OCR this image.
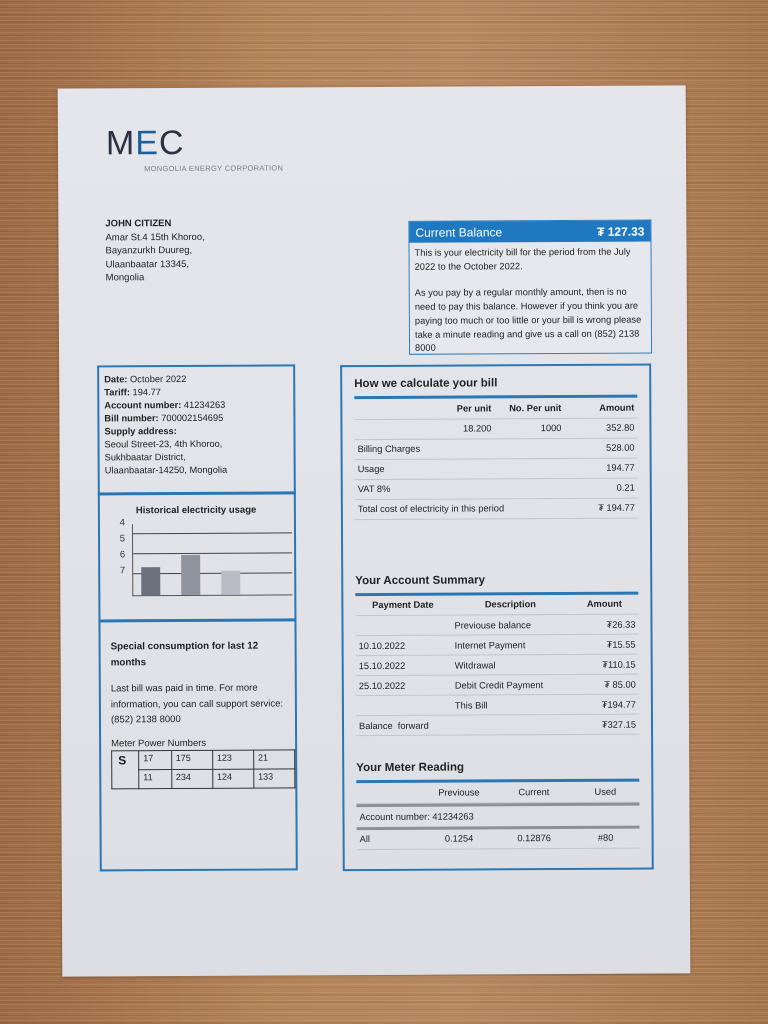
MEC
MONGOLIA ENERGY CORPORATION
JOHN CITIZEN
Amar St.4 15th Khoroo,
Bayanzurkh Duureg,
Ulaanbaatar 13345,
Mongolia
Current Balance	₮ 127.33

This is your electricity bill for the period from the July 2022 to the October 2022.

As you pay by a regular monthly amount, then is no need to pay this balance. However if you think you are paying too much or too little or your bill is wrong please take a minute reading and give us a call on (852) 2138 8000

Date: October 2022
Tariff: 194.77
Account number: 41234263
Bill number: 700002154695
Supply address:
Seoul Street-23, 4th Khoroo,
Sukhbaatar District,
Ulaanbaatar-14250, Mongolia
Historical electricity usage
4
5
6
7
Special consumption for last 12 months
Last bill was paid in time. For more information, you can call support service: (852) 2138 8000
Meter Power Numbers
S	17	175	123	21
	11	234	124	133
How we calculate your bill
	Per unit	No. Per unit	Amount
	18.200	1000	352.80
Billing Charges			528.00
Usage			194.77
VAT 8%			0.21
Total cost of electricity in this period			₮ 194.77
Your Account Summary
Payment Date	Description	Amount
	Previouse balance	₮26.33
10.10.2022	Internet Payment	₮15.55
15.10.2022	Witdrawal	₮110.15
25.10.2022	Debit Credit Payment	₮ 85.00
	This Bill	₮194.77
Balance  forward		₮327.15
Your Meter Reading
	Previouse	Current	Used
Account number: 41234263
All	0.1254	0.12876	#80
